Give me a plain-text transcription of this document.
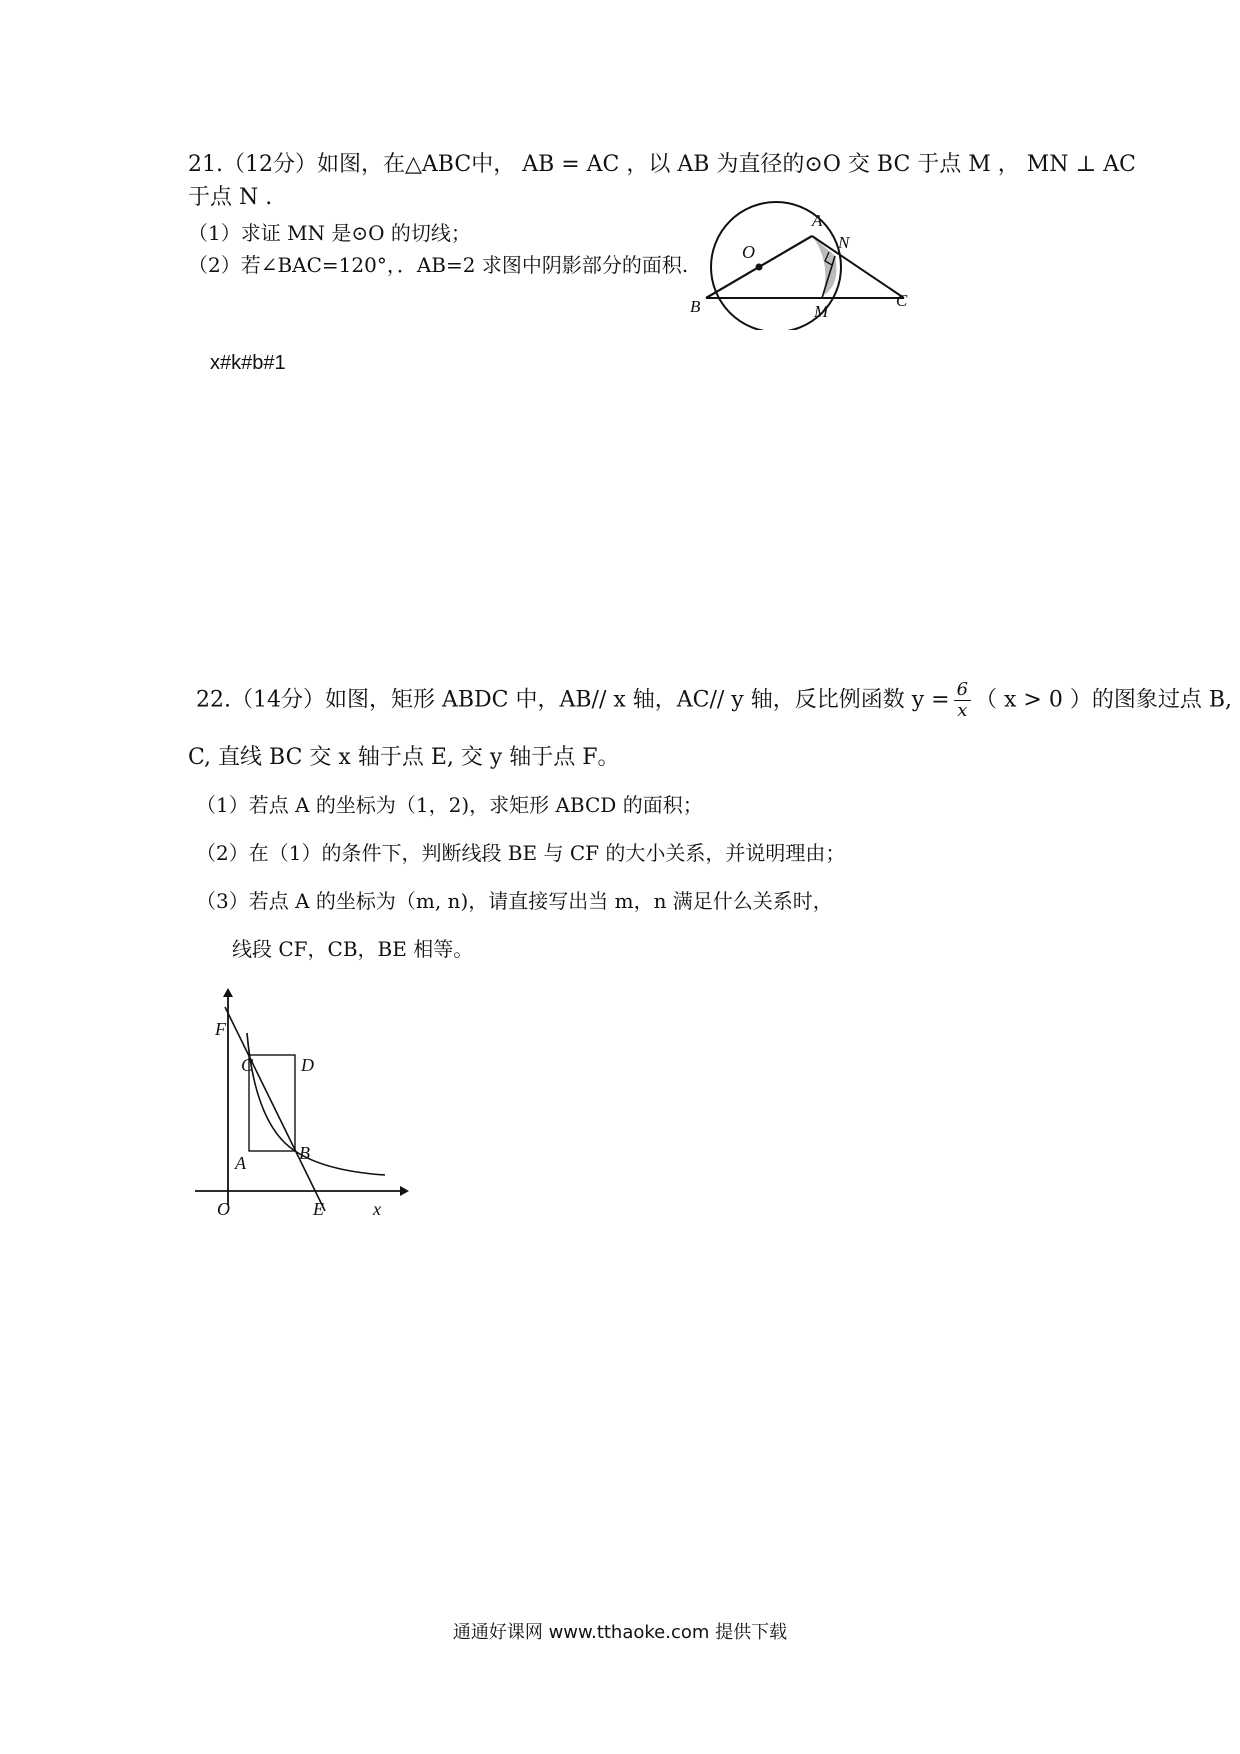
21.（12分）如图，在△ABC中， AB = AC ，以 AB 为直径的⊙O 交 BC 于点 M ， MN ⊥ AC
于点 N .
（1）求证 MN 是⊙O 的切线；
（2）若∠BAC=120°，．AB=2 求图中阴影部分的面积.
x#k#b#1
A
N
O
B	M
C
22.（14分）如图，矩形 ABDC 中，AB// x 轴，AC// y 轴，反比例函数 $y = \frac{6}{x}$ （ x > 0 ）的图象过点 B,
C, 直线 BC 交 x 轴于点 E, 交 y 轴于点 F。
（1）若点 A 的坐标为（1，2)，求矩形 ABCD 的面积；
（2）在（1）的条件下，判断线段 BE 与 CF 的大小关系，并说明理由；
（3）若点 A 的坐标为（m, n)，请直接写出当 m，n 满足什么关系时，
线段 CF，CB，BE 相等。
F
C	D
A	B
O	E	x
通通好课网 www.tthaoke.com 提供下载
